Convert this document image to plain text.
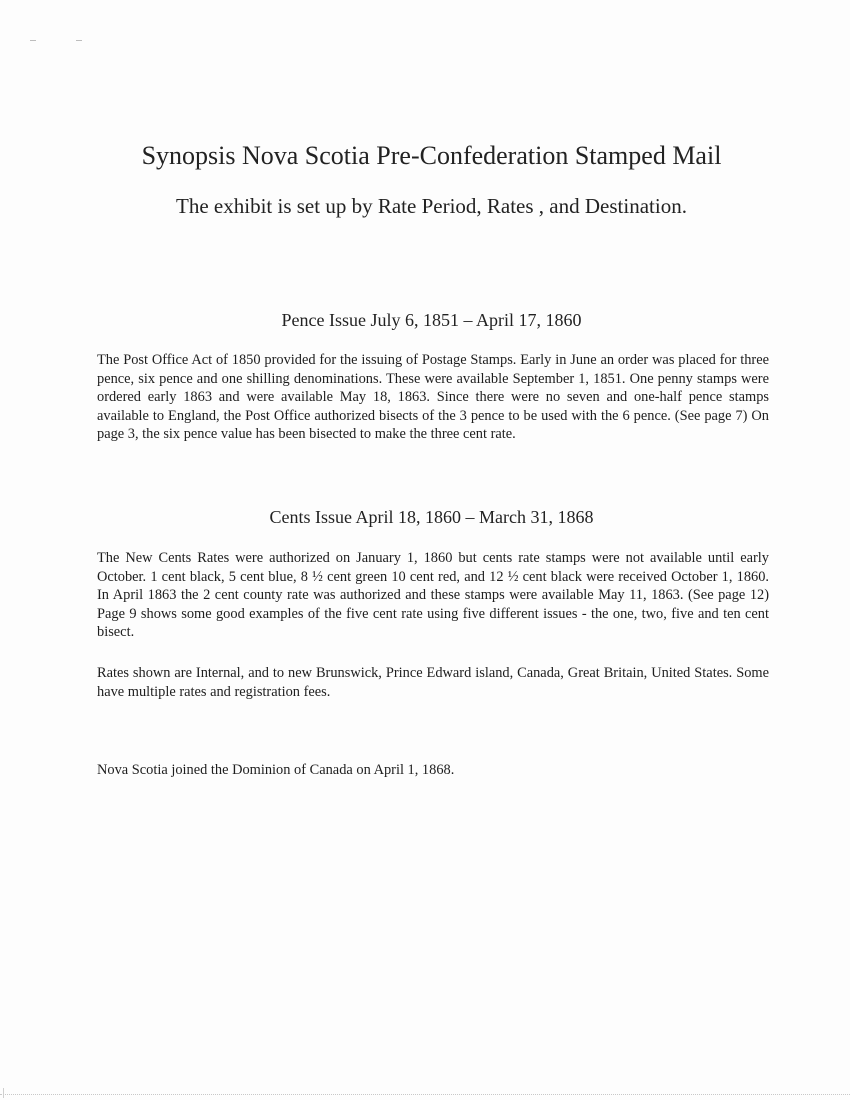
Synopsis Nova Scotia Pre-Confederation Stamped Mail
The exhibit is set up by Rate Period, Rates , and Destination.
Pence Issue July 6, 1851 – April 17, 1860
The Post Office Act of 1850 provided for the issuing of Postage Stamps. Early in June an order was placed for three pence, six pence and one shilling denominations. These were available September 1, 1851. One penny stamps were ordered early 1863 and were available May 18, 1863. Since there were no seven and one-half pence stamps available to England, the Post Office authorized bisects of the 3 pence to be used with the 6 pence. (See page 7) On page 3, the six pence value has been bisected to make the three cent rate.
Cents Issue April 18, 1860 – March 31, 1868
The New Cents Rates were authorized on January 1, 1860 but cents rate stamps were not available until early October. 1 cent black, 5 cent blue, 8 ½ cent green 10 cent red, and 12 ½ cent black were received October 1, 1860. In April 1863 the 2 cent county rate was authorized and these stamps were available May 11, 1863. (See page 12) Page 9 shows some good examples of the five cent rate using five different issues - the one, two, five and ten cent bisect.
Rates shown are Internal, and to new Brunswick, Prince Edward island, Canada, Great Britain, United States. Some have multiple rates and registration fees.
Nova Scotia joined the Dominion of Canada on April 1, 1868.
